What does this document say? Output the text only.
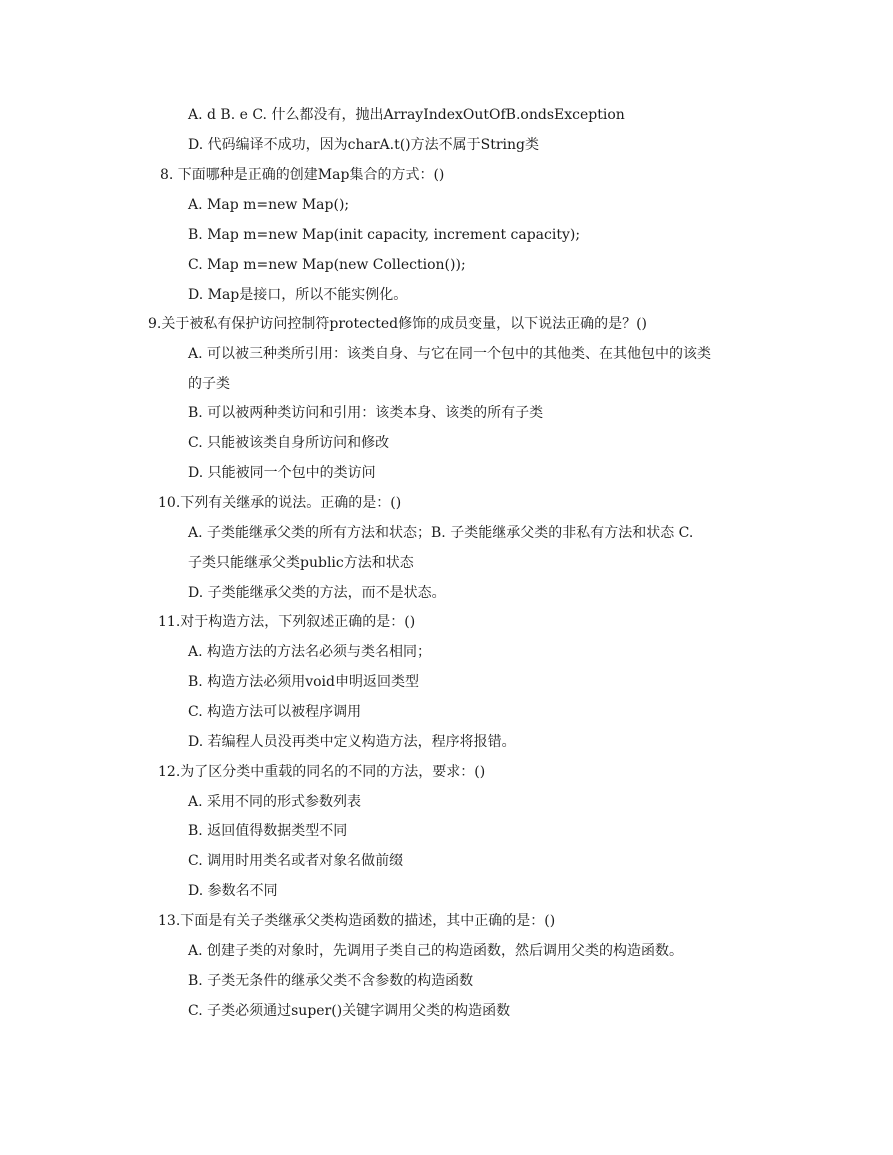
A. d B. e C. 什么都没有，抛出ArrayIndexOutOfB.ondsException
D. 代码编译不成功，因为charA.t()方法不属于String类
8. 下面哪种是正确的创建Map集合的方式：()
A. Map m=new Map();
B. Map m=new Map(init capacity, increment capacity);
C. Map m=new Map(new Collection());
D. Map是接口，所以不能实例化。
9.关于被私有保护访问控制符protected修饰的成员变量，以下说法正确的是？()
A. 可以被三种类所引用：该类自身、与它在同一个包中的其他类、在其他包中的该类
的子类
B. 可以被两种类访问和引用：该类本身、该类的所有子类
C. 只能被该类自身所访问和修改
D. 只能被同一个包中的类访问
10.下列有关继承的说法。正确的是：()
A. 子类能继承父类的所有方法和状态；B. 子类能继承父类的非私有方法和状态 C.
子类只能继承父类public方法和状态
D. 子类能继承父类的方法，而不是状态。
11.对于构造方法，下列叙述正确的是：()
A. 构造方法的方法名必须与类名相同；
B. 构造方法必须用void申明返回类型
C. 构造方法可以被程序调用
D. 若编程人员没再类中定义构造方法，程序将报错。
12.为了区分类中重载的同名的不同的方法，要求：()
A. 采用不同的形式参数列表
B. 返回值得数据类型不同
C. 调用时用类名或者对象名做前缀
D. 参数名不同
13.下面是有关子类继承父类构造函数的描述，其中正确的是：()
A. 创建子类的对象时，先调用子类自己的构造函数，然后调用父类的构造函数。
B. 子类无条件的继承父类不含参数的构造函数
C. 子类必须通过super()关键字调用父类的构造函数
